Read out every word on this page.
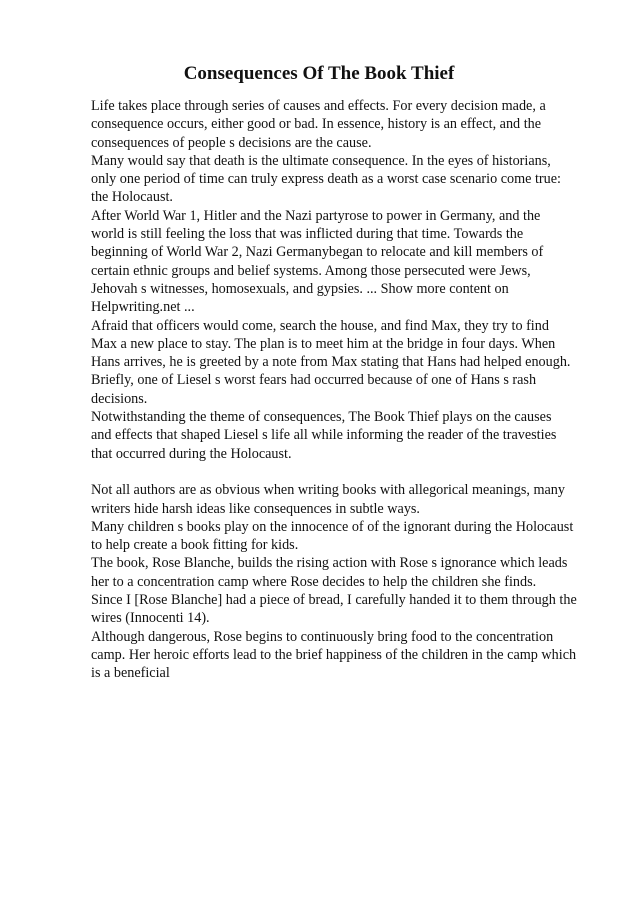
Consequences Of The Book Thief

Life takes place through series of causes and effects. For every decision made, a
consequence occurs, either good or bad. In essence, history is an effect, and the
consequences of people s decisions are the cause.

Many would say that death is the ultimate consequence. In the eyes of historians,
only one period of time can truly express death as a worst case scenario come true:
the Holocaust.

After World War 1, Hitler and the Nazi partyrose to power in Germany, and the
world is still feeling the loss that was inflicted during that time. Towards the
beginning of World War 2, Nazi Germanybegan to relocate and kill members of
certain ethnic groups and belief systems. Among those persecuted were Jews,
Jehovah s witnesses, homosexuals, and gypsies. ... Show more content on
Helpwriting.net ...

Afraid that officers would come, search the house, and find Max, they try to find
Max a new place to stay. The plan is to meet him at the bridge in four days. When
Hans arrives, he is greeted by a note from Max stating that Hans had helped enough.
Briefly, one of Liesel s worst fears had occurred because of one of Hans s rash
decisions.

Notwithstanding the theme of consequences, The Book Thief plays on the causes
and effects that shaped Liesel s life all while informing the reader of the travesties
that occurred during the Holocaust.

Not all authors are as obvious when writing books with allegorical meanings, many
writers hide harsh ideas like consequences in subtle ways.

Many children s books play on the innocence of of the ignorant during the Holocaust
to help create a book fitting for kids.

The book, Rose Blanche, builds the rising action with Rose s ignorance which leads
her to a concentration camp where Rose decides to help the children she finds.

Since I [Rose Blanche] had a piece of bread, I carefully handed it to them through the
wires (Innocenti 14).

Although dangerous, Rose begins to continuously bring food to the concentration
camp. Her heroic efforts lead to the brief happiness of the children in the camp which
is a beneficial
